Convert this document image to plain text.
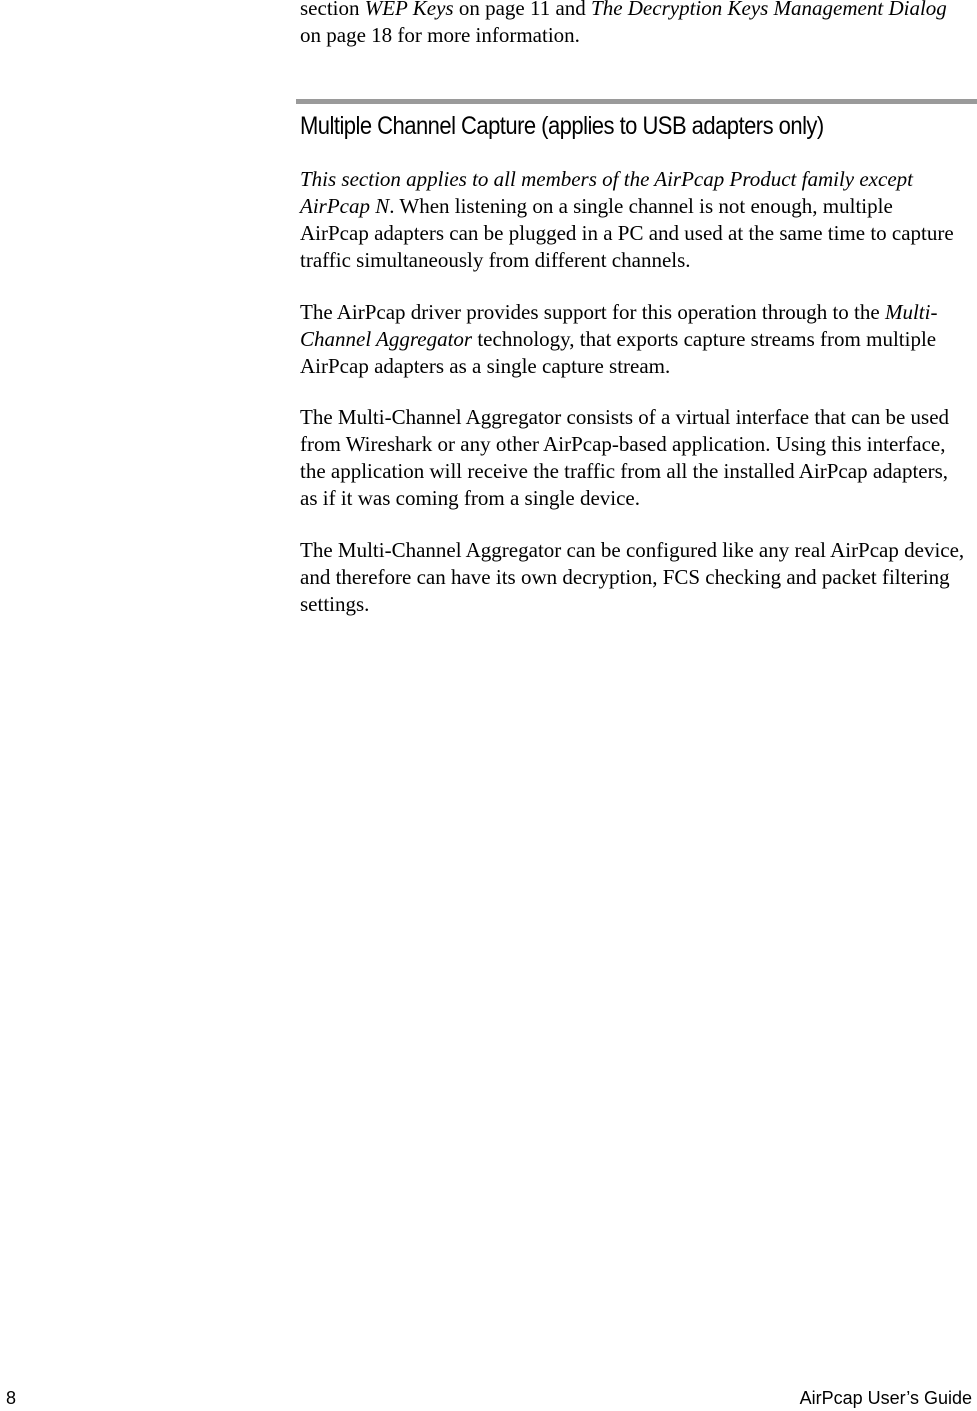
Multiple Channel Capture (applies to USB adapters only)

section WEP Keys on page 11 and The Decryption Keys Management Dialog on page 18 for more information.

This section applies to all members of the AirPcap Product family except AirPcap N. When listening on a single channel is not enough, multiple AirPcap adapters can be plugged in a PC and used at the same time to capture traffic simultaneously from different channels.

The AirPcap driver provides support for this operation through to the Multi-Channel Aggregator technology, that exports capture streams from multiple AirPcap adapters as a single capture stream.

The Multi-Channel Aggregator consists of a virtual interface that can be used from Wireshark or any other AirPcap-based application. Using this interface, the application will receive the traffic from all the installed AirPcap adapters, as if it was coming from a single device.

The Multi-Channel Aggregator can be configured like any real AirPcap device, and therefore can have its own decryption, FCS checking and packet filtering settings.

8	AirPcap User’s Guide
